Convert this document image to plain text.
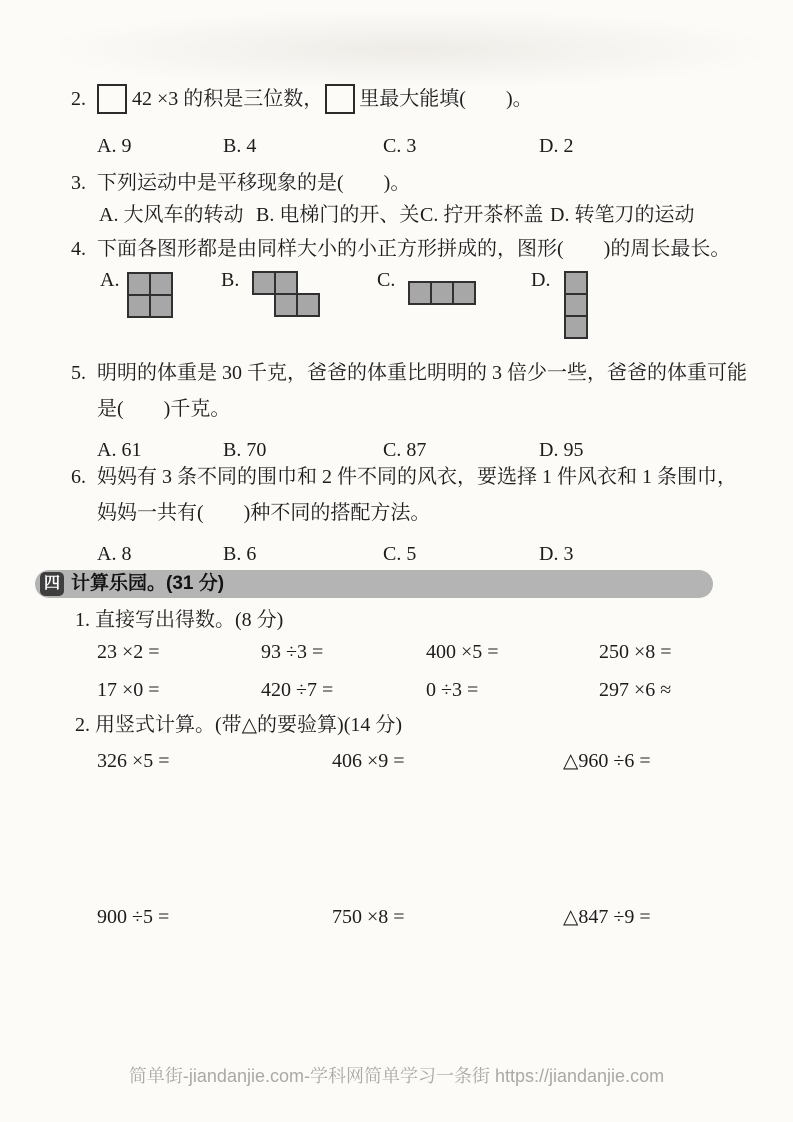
2. 42 ×3 的积是三位数， 里最大能填(　　)。
A. 9	B. 4	C. 3	D. 2
3. 下列运动中是平移现象的是(　　)。
A. 大风车的转动 B. 电梯门的开、关 C. 拧开茶杯盖 D. 转笔刀的运动
4. 下面各图形都是由同样大小的小正方形拼成的，图形(　　)的周长最长。
A.	B.	C.	D.
5. 明明的体重是 30 千克，爸爸的体重比明明的 3 倍少一些，爸爸的体重可能
是(　　)千克。
A. 61	B. 70	C. 87	D. 95
6. 妈妈有 3 条不同的围巾和 2 件不同的风衣，要选择 1 件风衣和 1 条围巾，
妈妈一共有(　　)种不同的搭配方法。
A. 8	B. 6	C. 5	D. 3
四 计算乐园。(31 分)
1. 直接写出得数。(8 分)
23 ×2 =	93 ÷3 =	400 ×5 =	250 ×8 =
17 ×0 =	420 ÷7 =	0 ÷3 =	297 ×6 ≈
2. 用竖式计算。(带△的要验算)(14 分)
326 ×5 =	406 ×9 =	△960 ÷6 =
900 ÷5 =	750 ×8 =	△847 ÷9 =
简单街-jiandanjie.com-学科网简单学习一条街 https://jiandanjie.com
